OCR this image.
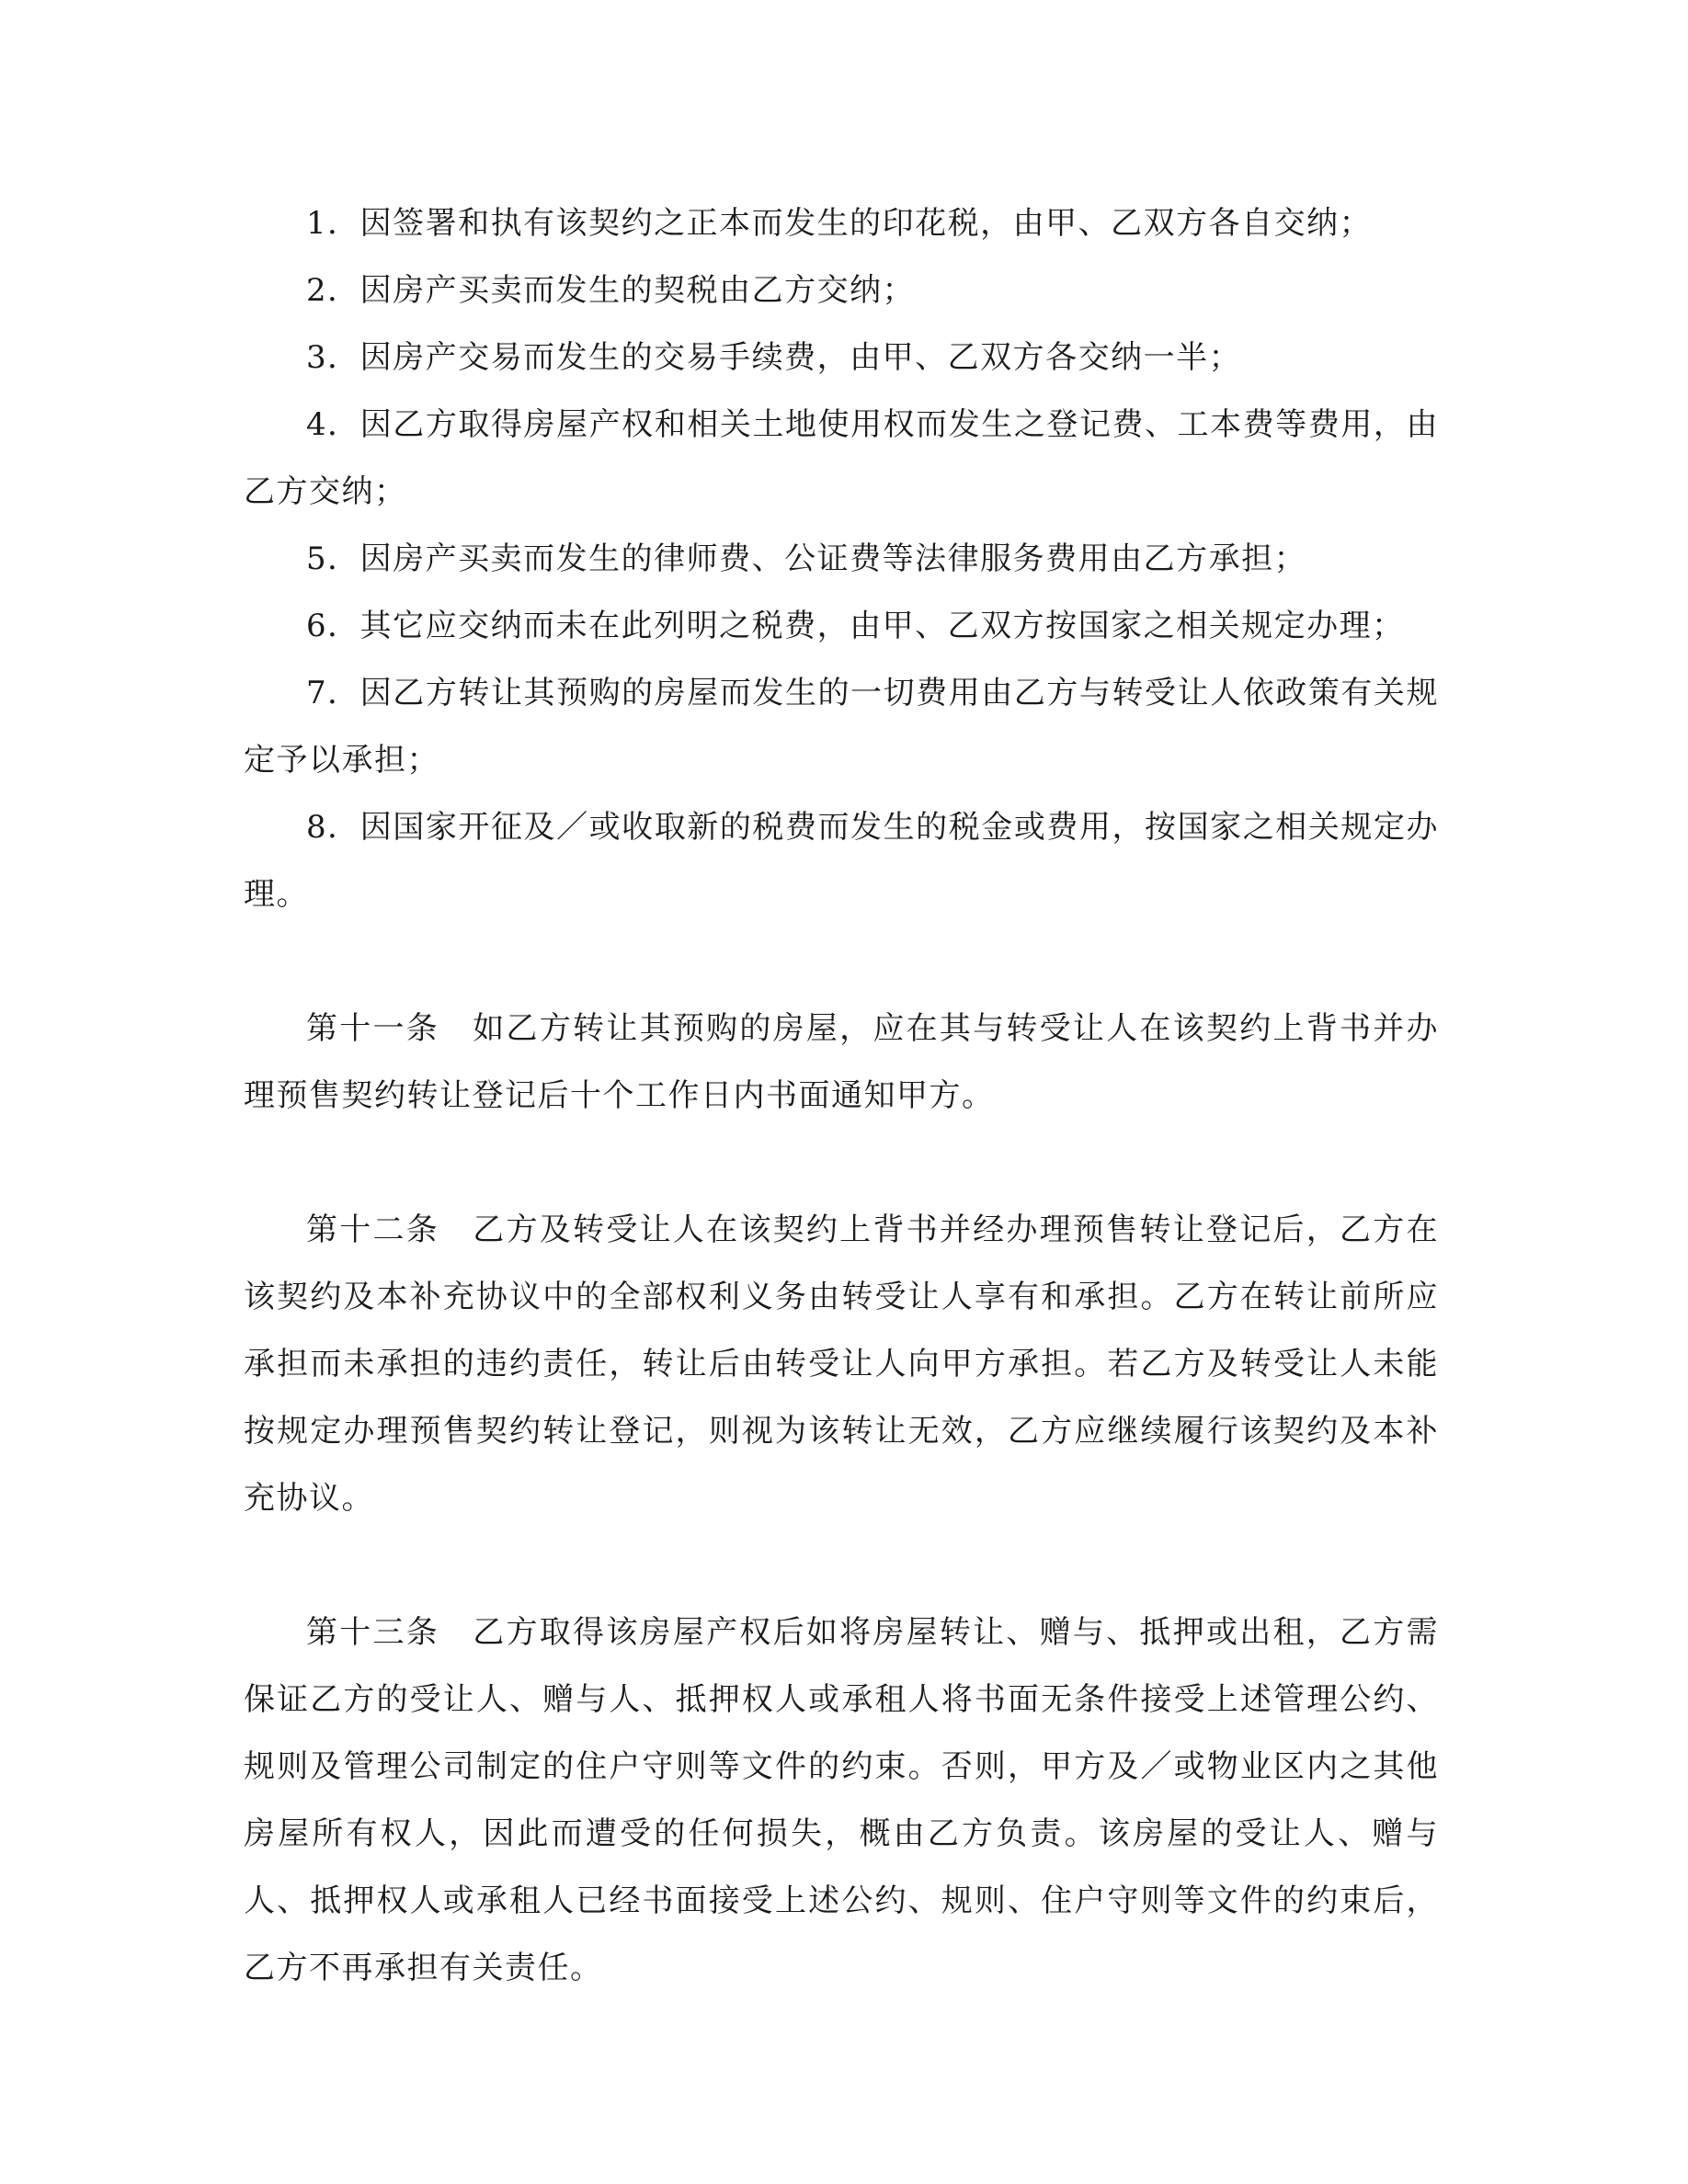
1．因签署和执有该契约之正本而发生的印花税，由甲、乙双方各自交纳；

2．因房产买卖而发生的契税由乙方交纳；

3．因房产交易而发生的交易手续费，由甲、乙双方各交纳一半；

4．因乙方取得房屋产权和相关土地使用权而发生之登记费、工本费等费用，由乙方交纳；

5．因房产买卖而发生的律师费、公证费等法律服务费用由乙方承担；

6．其它应交纳而未在此列明之税费，由甲、乙双方按国家之相关规定办理；

7．因乙方转让其预购的房屋而发生的一切费用由乙方与转受让人依政策有关规定予以承担；

8．因国家开征及／或收取新的税费而发生的税金或费用，按国家之相关规定办理。

第十一条　如乙方转让其预购的房屋，应在其与转受让人在该契约上背书并办理预售契约转让登记后十个工作日内书面通知甲方。

第十二条　乙方及转受让人在该契约上背书并经办理预售转让登记后，乙方在该契约及本补充协议中的全部权利义务由转受让人享有和承担。乙方在转让前所应承担而未承担的违约责任，转让后由转受让人向甲方承担。若乙方及转受让人未能按规定办理预售契约转让登记，则视为该转让无效，乙方应继续履行该契约及本补充协议。

第十三条　乙方取得该房屋产权后如将房屋转让、赠与、抵押或出租，乙方需保证乙方的受让人、赠与人、抵押权人或承租人将书面无条件接受上述管理公约、规则及管理公司制定的住户守则等文件的约束。否则，甲方及／或物业区内之其他房屋所有权人，因此而遭受的任何损失，概由乙方负责。该房屋的受让人、赠与人、抵押权人或承租人已经书面接受上述公约、规则、住户守则等文件的约束后，乙方不再承担有关责任。
